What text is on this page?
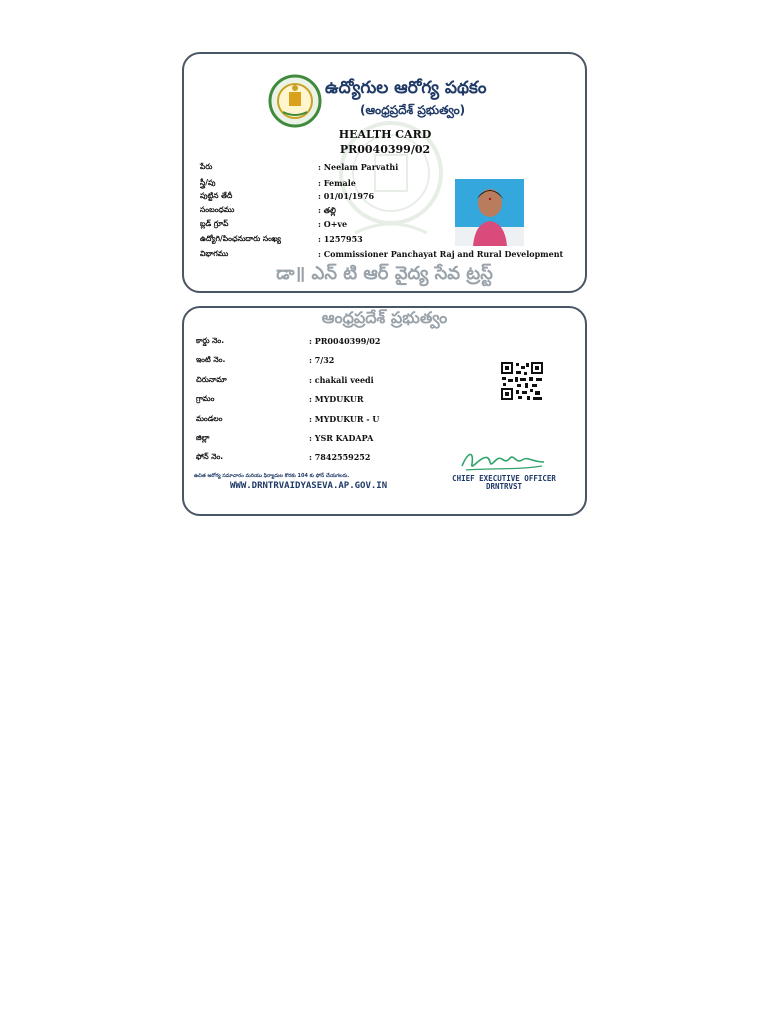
ఉద్యోగుల ఆరోగ్య పథకం
(ఆంధ్రప్రదేశ్ ప్రభుత్వం)
HEALTH CARD
PR0040399/02
పేరు	: Neelam Parvathi
స్త్రీ/పు	: Female
పుట్టిన తేదీ	: 01/01/1976
సంబంధము	: తల్లి
బ్లడ్ గ్రూప్	: O+ve
ఉద్యోగి/పింఛనుదారు సంఖ్య	: 1257953
విభాగము	: Commissioner Panchayat Raj and Rural Development
డా॥ ఎన్ టి ఆర్ వైద్య సేవ ట్రస్ట్
ఆంధ్రప్రదేశ్ ప్రభుత్వం
కార్డు నెం.	: PR0040399/02
ఇంటి నెం.	: 7/32
చిరునామా	: chakali veedi
గ్రామం	: MYDUKUR
మండలం	: MYDUKUR - U
జిల్లా	: YSR KADAPA
ఫోన్ నెం.	: 7842559252
CHIEF EXECUTIVE OFFICER
DRNTRVST
ఉచిత ఆరోగ్య సమాచారం మరియు ఫిర్యాదుల కొరకు 104 కు ఫోన్ చేయగలరు.
WWW.DRNTRVAIDYASEVA.AP.GOV.IN
